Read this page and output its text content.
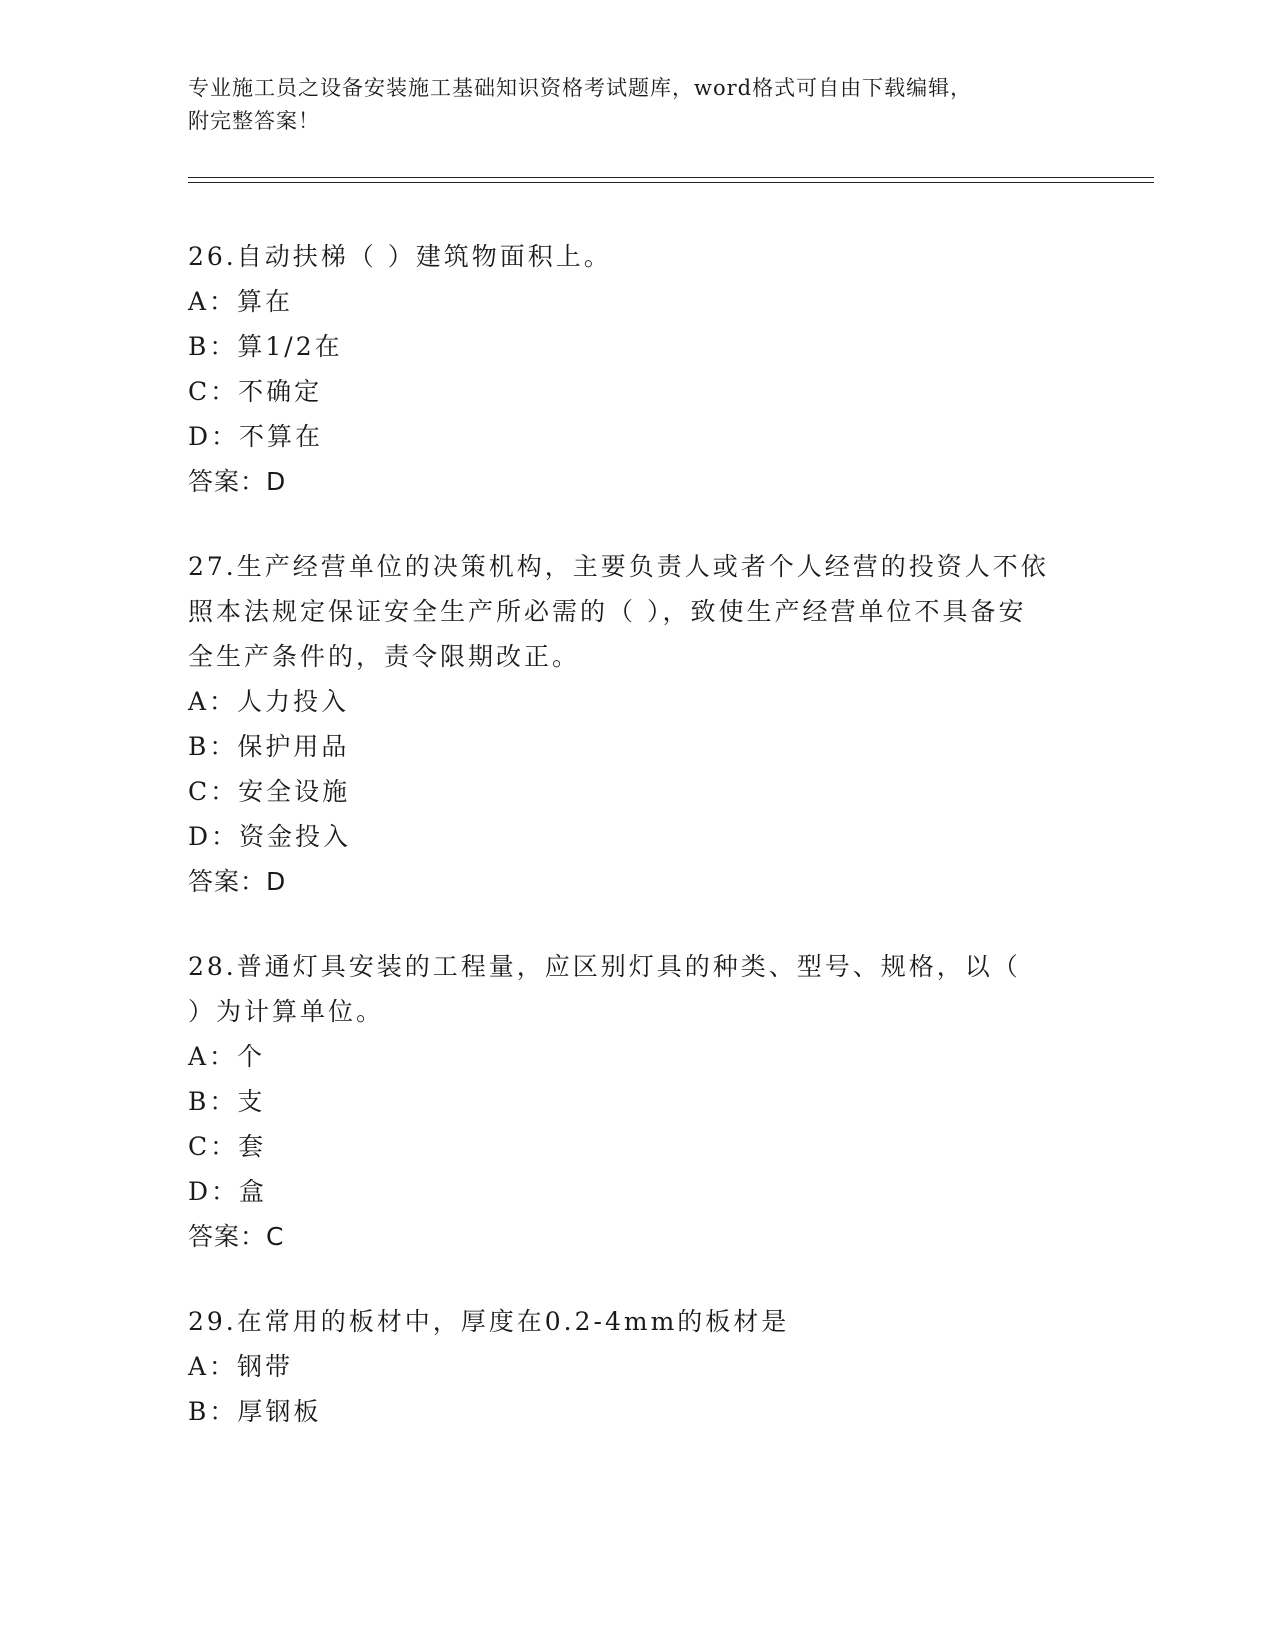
专业施工员之设备安装施工基础知识资格考试题库，word格式可自由下载编辑，
附完整答案！
26.自动扶梯（ ）建筑物面积上。
A：算在
B：算1/2在
C：不确定
D：不算在
答案：D
27.生产经营单位的决策机构，主要负责人或者个人经营的投资人不依
照本法规定保证安全生产所必需的（ ），致使生产经营单位不具备安
全生产条件的，责令限期改正。
A：人力投入
B：保护用品
C：安全设施
D：资金投入
答案：D
28.普通灯具安装的工程量，应区别灯具的种类、型号、规格，以（
）为计算单位。
A：个
B：支
C：套
D：盒
答案：C
29.在常用的板材中，厚度在0.2-4mm的板材是
A：钢带
B：厚钢板
